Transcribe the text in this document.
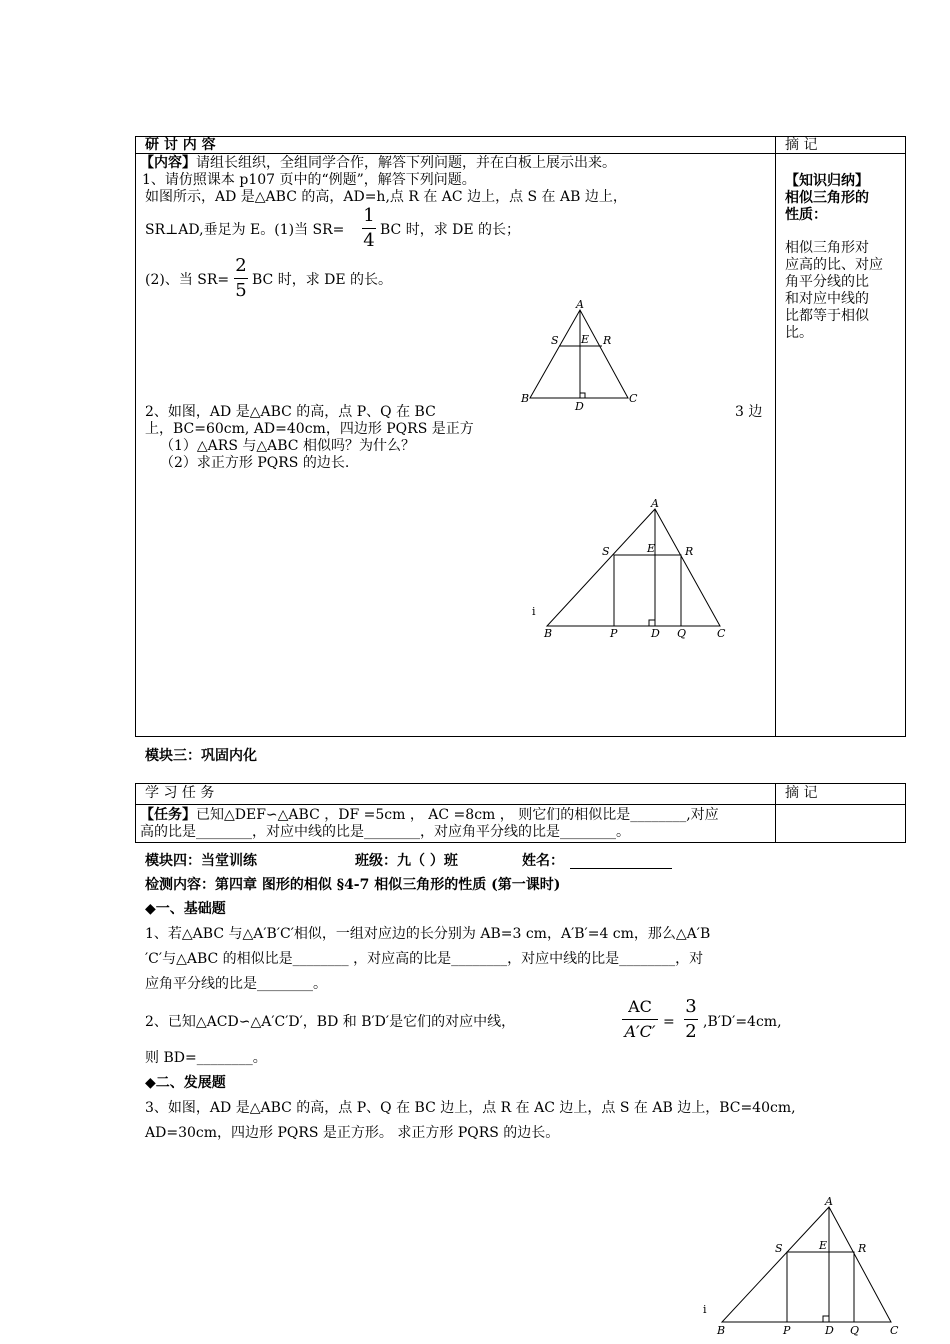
研 讨 内 容	摘 记
【内容】请组长组织，全组同学合作，解答下列问题，并在白板上展示出来。
1、请仿照课本 p107 页中的“例题”，解答下列问题。
如图所示，AD 是△ABC 的高，AD=h,点 R 在 AC 边上，点 S 在 AB 边上，
SR⊥AD,垂足为 E。(1)当 SR=
1
4 BC 时，求 DE 的长；
(2)、当 SR=
2
5 BC 时，求 DE 的长。
A
S E R
B
D
C
2、如图，AD 是△ABC 的高，点 P、Q 在 BC	3 边
上，BC=60cm, AD=40cm，四边形 PQRS 是正方
（1）△ARS 与△ABC 相似吗？为什么？
（2）求正方形 PQRS 的边长.
i
A
S	E	R
B	P	D Q	C
【知识归纳】
相似三角形的
性质：
相似三角形对
应高的比、对应
角平分线的比
和对应中线的
比都等于相似
比。
模块三：巩固内化
学 习 任 务	摘 记
【任务】已知△DEF∽△ABC ，DF =5cm ， AC =8cm ， 则它们的相似比是________,对应
高的比是________，对应中线的比是________，对应角平分线的比是________。
模块四：当堂训练	班级：九（ ）班	姓名：
检测内容：第四章 图形的相似 §4-7 相似三角形的性质 (第一课时)
◆一、基础题
1、若△ABC 与△A′B′C′相似，一组对应边的长分别为 AB=3 cm，A′B′=4 cm，那么△A′B
′C′与△ABC 的相似比是________ ，对应高的比是________，对应中线的比是________，对
应角平分线的比是________。
2、已知△ACD∽△A′C′D′，BD 和 B′D′是它们的对应中线，
AC
A′C′ =
3
2 ,B′D′=4cm,
则 BD=________。
◆二、发展题
3、如图，AD 是△ABC 的高，点 P、Q 在 BC 边上，点 R 在 AC 边上，点 S 在 AB 边上，BC=40cm,
AD=30cm，四边形 PQRS 是正方形。 求正方形 PQRS 的边长。
i
A
S	E	R
B	P	D Q	C
